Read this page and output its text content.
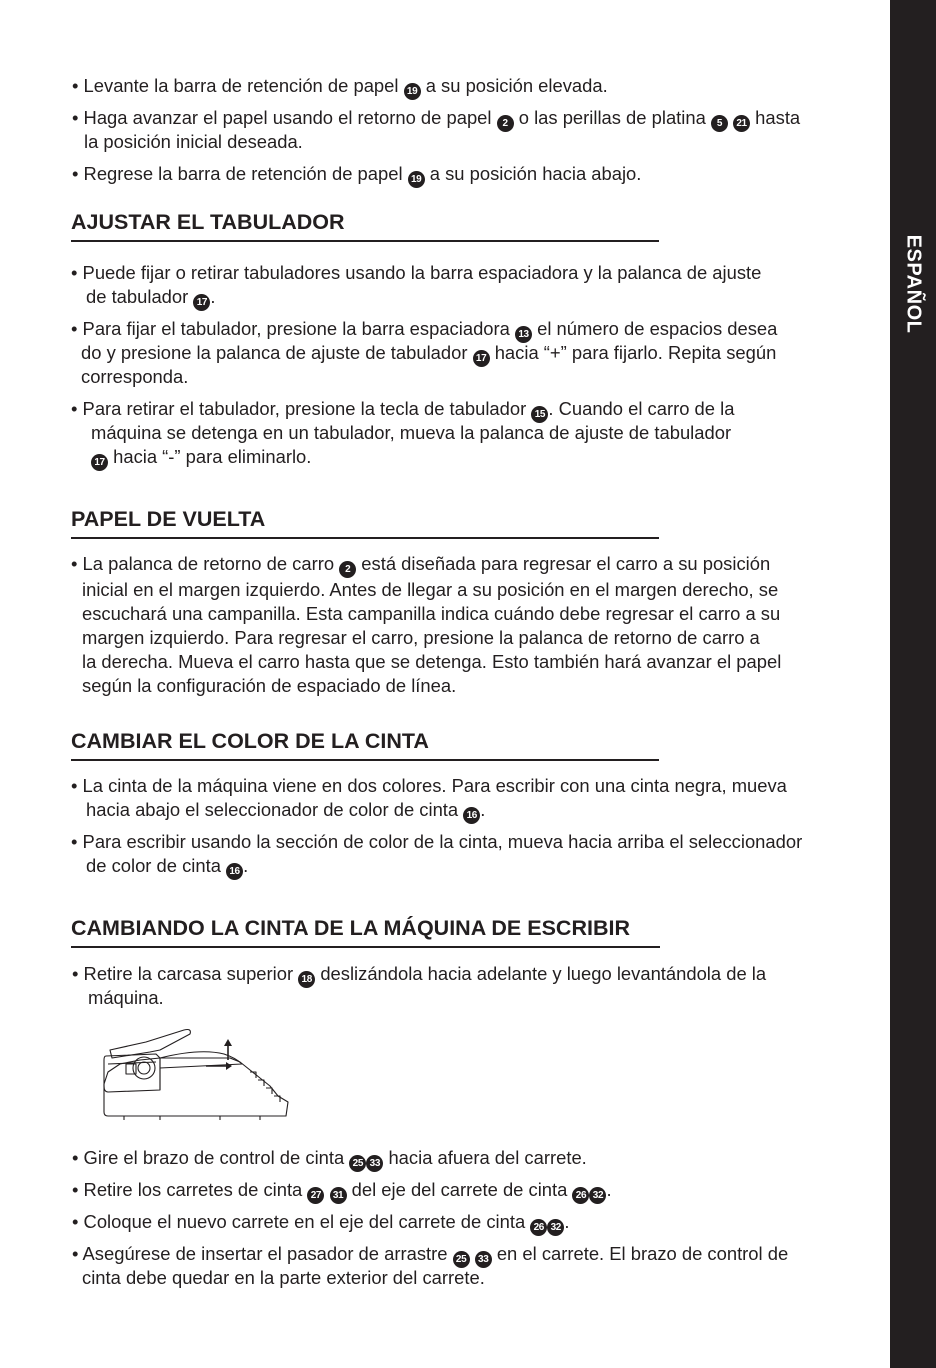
ESPAÑOL
• Levante la barra de retención de papel 19 a su posición elevada.
• Haga avanzar el papel usando el retorno de papel 2 o las perillas de platina 5 21 hasta
la posición inicial deseada.
• Regrese la barra de retención de papel 19 a su posición hacia abajo.
AJUSTAR EL TABULADOR
• Puede fijar o retirar tabuladores usando la barra espaciadora y la palanca de ajuste
de tabulador 17 .
• Para fijar el tabulador, presione la barra espaciadora 13 el número de espacios desea
do y presione la palanca de ajuste de tabulador 17 hacia “+” para fijarlo. Repita según
corresponda.
• Para retirar el tabulador, presione la tecla de tabulador 15 . Cuando el carro de la
máquina se detenga en un tabulador, mueva la palanca de ajuste de tabulador
17 hacia “-” para eliminarlo.
PAPEL DE VUELTA
• La palanca de retorno de carro 2 está diseñada para regresar el carro a su posición
inicial en el margen izquierdo. Antes de llegar a su posición en el margen derecho, se
escuchará una campanilla. Esta campanilla indica cuándo debe regresar el carro a su
margen izquierdo. Para regresar el carro, presione la palanca de retorno de carro a
la derecha. Mueva el carro hasta que se detenga. Esto también hará avanzar el papel
según la configuración de espaciado de línea.
CAMBIAR EL COLOR DE LA CINTA
• La cinta de la máquina viene en dos colores. Para escribir con una cinta negra, mueva
hacia abajo el seleccionador de color de cinta 16 .
• Para escribir usando la sección de color de la cinta, mueva hacia arriba el seleccionador
de color de cinta 16 .
CAMBIANDO LA CINTA DE LA MÁQUINA DE ESCRIBIR
• Retire la carcasa superior 18 deslizándola hacia adelante y luego levantándola de la
máquina.
• Gire el brazo de control de cinta 25 33 hacia afuera del carrete.
• Retire los carretes de cinta 27 31 del eje del carrete de cinta 26 32 .
• Coloque el nuevo carrete en el eje del carrete de cinta 26 32 .
• Asegúrese de insertar el pasador de arrastre 25 33 en el carrete. El brazo de control de
cinta debe quedar en la parte exterior del carrete.
